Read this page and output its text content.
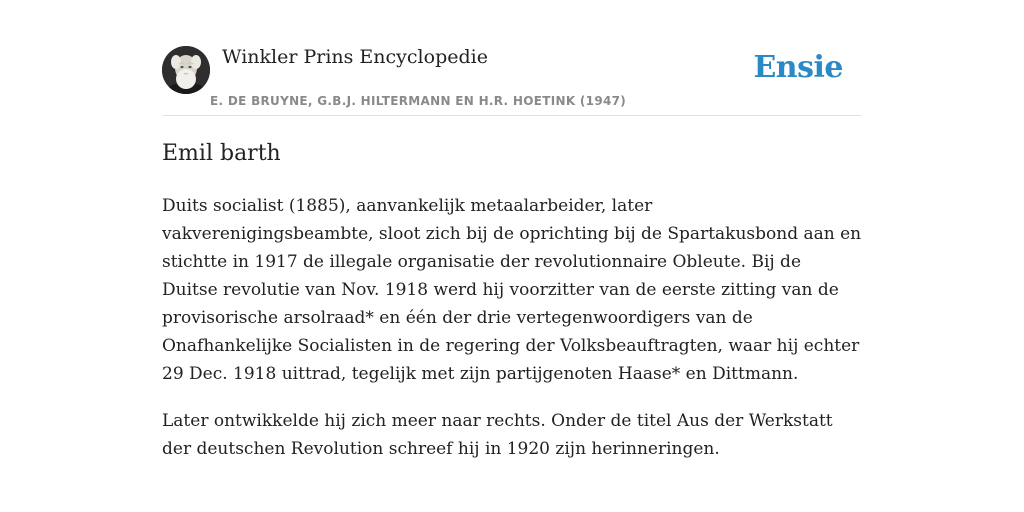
Winkler Prins Encyclopedie
E. DE BRUYNE, G.B.J. HILTERMANN EN H.R. HOETINK (1947)
Ensie
Emil barth

Duits socialist (1885), aanvankelijk metaalarbeider, later vakverenigingsbeambte, sloot zich bij de oprichting bij de Spartakusbond aan en stichtte in 1917 de illegale organisatie der revolutionnaire Obleute. Bij de Duitse revolutie van Nov. 1918 werd hij voorzitter van de eerste zitting van de provisorische arsolraad* en één der drie vertegenwoordigers van de Onafhankelijke Socialisten in de regering der Volksbeauftragten, waar hij echter 29 Dec. 1918 uittrad, tegelijk met zijn partijgenoten Haase* en Dittmann.

Later ontwikkelde hij zich meer naar rechts. Onder de titel Aus der Werkstatt der deutschen Revolution schreef hij in 1920 zijn herinneringen.
